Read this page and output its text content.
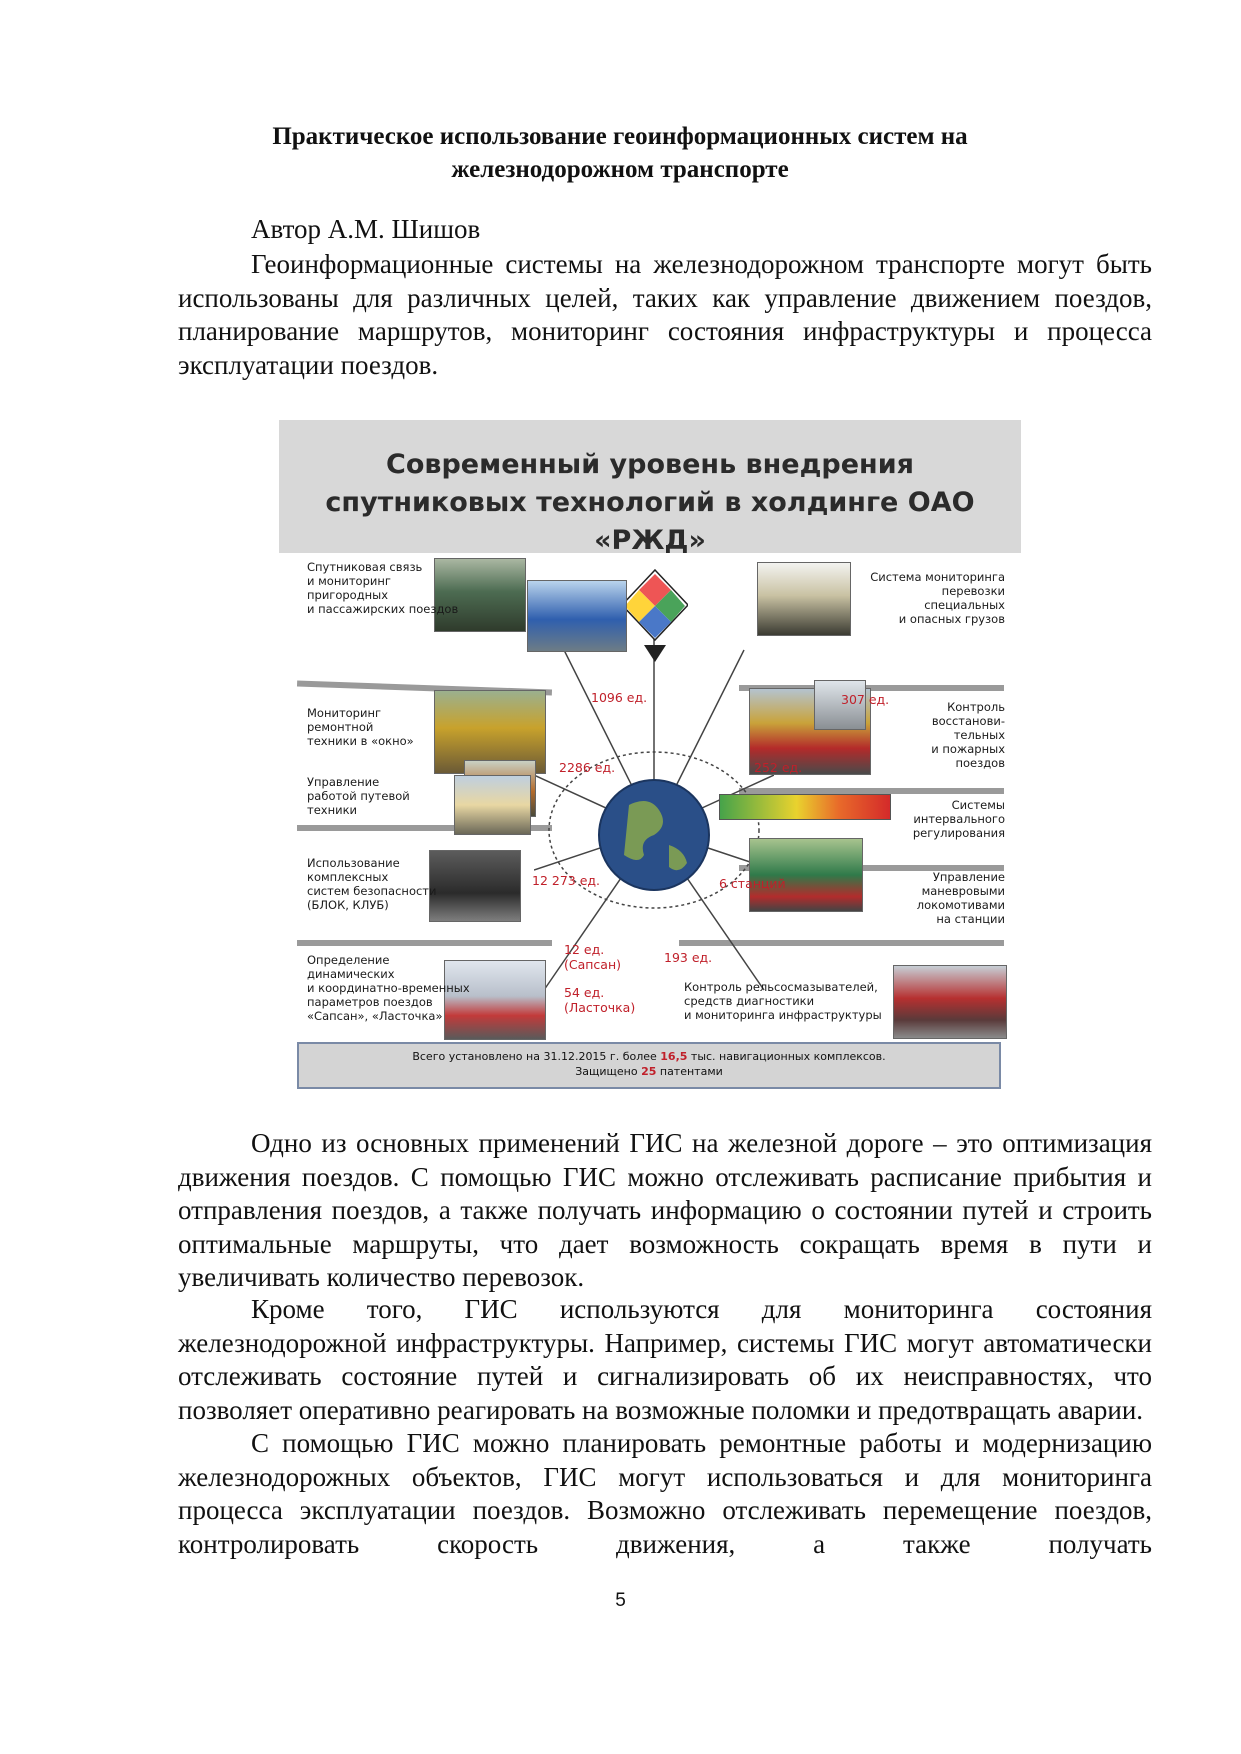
Практическое использование геоинформационных систем на
железнодорожном транспорте
Автор А.М. Шишов

Геоинформационные системы на железнодорожном транспорте могут быть использованы для различных целей, таких как управление движением поездов, планирование маршрутов, мониторинг состояния инфраструктуры и процесса эксплуатации поездов.

Современный уровень внедрения
спутниковых технологий в холдинге ОАО «РЖД»
Спутниковая связь
и мониторинг
пригородных
и пассажирских поездов
Мониторинг
ремонтной
техники в «окно»
Управление
работой путевой
техники
Использование
комплексных
систем безопасности
(БЛОК, КЛУБ)
Определение
динамических
и координатно-временных
параметров поездов
«Сапсан», «Ласточка»
Система мониторинга
перевозки
специальных
и опасных грузов
Контроль
восстанови-
тельных
и пожарных
поездов
Системы
интервального
регулирования
Управление
маневровыми
локомотивами
на станции
Контроль рельсосмазывателей,
средств диагностики
и мониторинга инфраструктуры
1096 ед.
2286 ед.
12 273 ед.
12 ед.
(Сапсан)
54 ед.
(Ласточка)
307 ед.
252 ед.
6 станций
193 ед.
Всего установлено на 31.12.2015 г. более 16,5 тыс. навигационных комплексов.
Защищено 25 патентами

Одно из основных применений ГИС на железной дороге – это оптимизация движения поездов. С помощью ГИС можно отслеживать расписание прибытия и отправления поездов, а также получать информацию о состоянии путей и строить оптимальные маршруты, что дает возможность сокращать время в пути и увеличивать количество перевозок.

Кроме того, ГИС используются для мониторинга состояния железнодорожной инфраструктуры. Например, системы ГИС могут автоматически отслеживать состояние путей и сигнализировать об их неисправностях, что позволяет оперативно реагировать на возможные поломки и предотвращать аварии.

С помощью ГИС можно планировать ремонтные работы и модернизацию железнодорожных объектов, ГИС могут использоваться и для мониторинга процесса эксплуатации поездов. Возможно отслеживать перемещение поездов, контролировать скорость движения, а также получать

5
